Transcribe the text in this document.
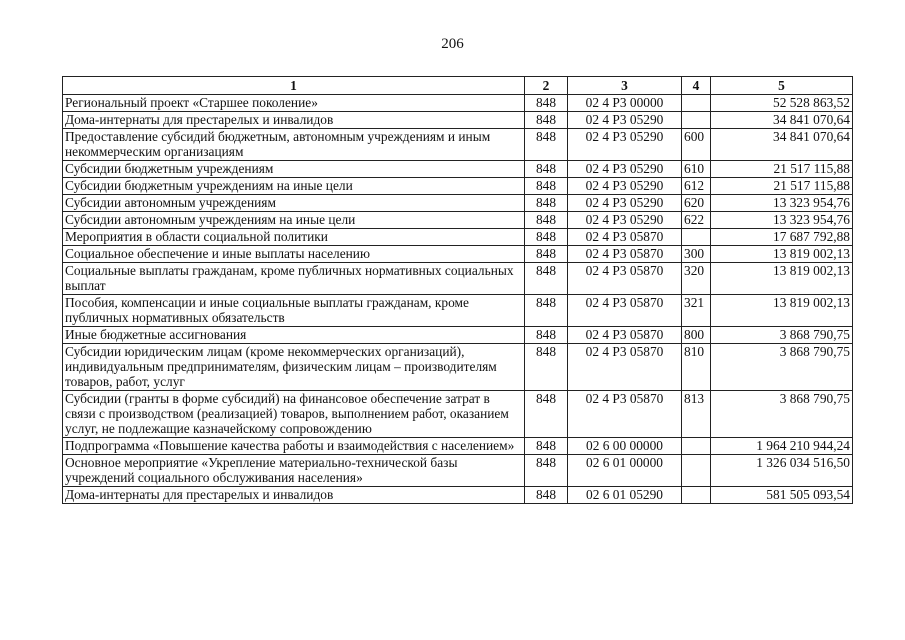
206
1	2	3	4	5
Региональный проект «Старшее поколение»	848	02 4 P3 00000		52 528 863,52
Дома-интернаты для престарелых и инвалидов	848	02 4 P3 05290		34 841 070,64
Предоставление субсидий бюджетным, автономным учреждениям и иным некоммерческим организациям	848	02 4 P3 05290	600	34 841 070,64
Субсидии бюджетным учреждениям	848	02 4 P3 05290	610	21 517 115,88
Субсидии бюджетным учреждениям на иные цели	848	02 4 P3 05290	612	21 517 115,88
Субсидии автономным учреждениям	848	02 4 P3 05290	620	13 323 954,76
Субсидии автономным учреждениям на иные цели	848	02 4 P3 05290	622	13 323 954,76
Мероприятия в области социальной политики	848	02 4 P3 05870		17 687 792,88
Социальное обеспечение и иные выплаты населению	848	02 4 P3 05870	300	13 819 002,13
Социальные выплаты гражданам, кроме публичных нормативных социальных выплат	848	02 4 P3 05870	320	13 819 002,13
Пособия, компенсации и иные социальные выплаты гражданам, кроме публичных нормативных обязательств	848	02 4 P3 05870	321	13 819 002,13
Иные бюджетные ассигнования	848	02 4 P3 05870	800	3 868 790,75
Субсидии юридическим лицам (кроме некоммерческих организаций), индивидуальным предпринимателям, физическим лицам – производителям товаров, работ, услуг	848	02 4 P3 05870	810	3 868 790,75
Субсидии (гранты в форме субсидий) на финансовое обеспечение затрат в связи с производством (реализацией) товаров, выполнением работ, оказанием услуг, не подлежащие казначейскому сопровождению	848	02 4 P3 05870	813	3 868 790,75
Подпрограмма «Повышение качества работы и взаимодействия с населением»	848	02 6 00 00000		1 964 210 944,24
Основное мероприятие «Укрепление материально-технической базы учреждений социального обслуживания населения»	848	02 6 01 00000		1 326 034 516,50
Дома-интернаты для престарелых и инвалидов	848	02 6 01 05290		581 505 093,54
